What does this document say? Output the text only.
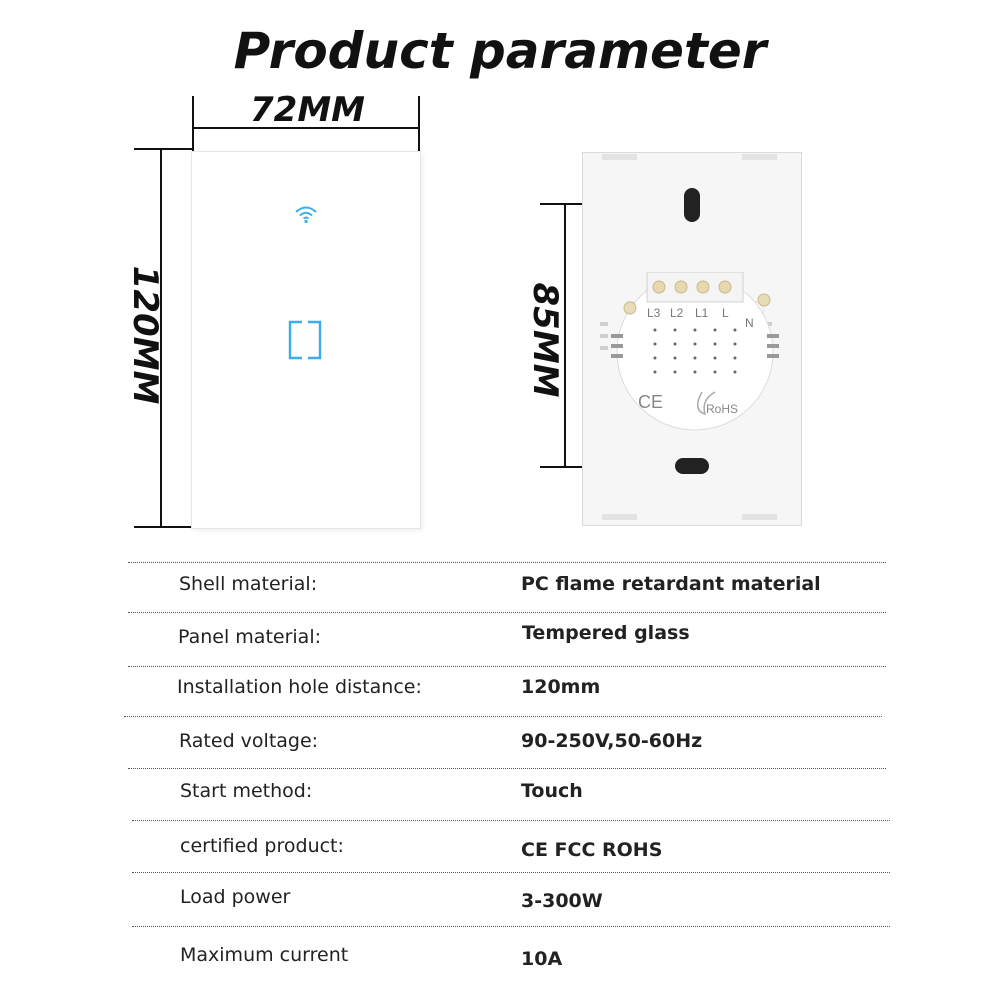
Product parameter
72MM
120MM	85MM	L3 L2 L1 L
N
CE	RoHS
Shell material:	PC flame retardant material
Panel material:	Tempered glass
Installation hole distance:	120mm
Rated voltage:	90-250V,50-60Hz
Start method:	Touch
certified product:	CE FCC ROHS
Load power	3-300W
Maximum current	10A
